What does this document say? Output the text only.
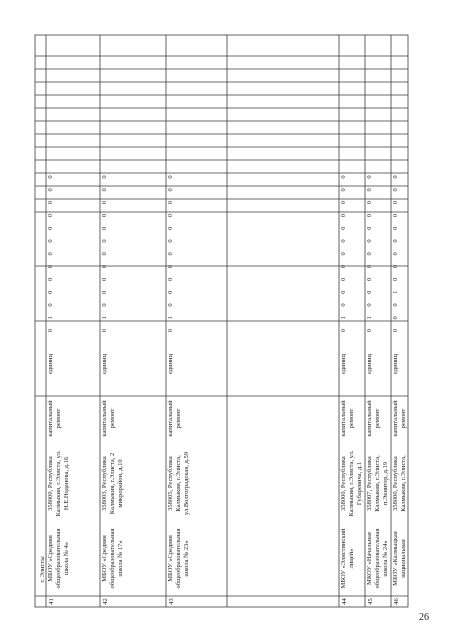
г. Элисты
41
МБОУ «Средняя общеобразовательная школа № 4»
358000, Республика Калмыкия, г.Элиста, ул. Н.Е.Ноданова, д.16
капитальный ремонт
единиц
0
1
0
0
0
0
0
0
0
0
0
0
0
42
МБОУ «Средняя общеобразовательная школа № 17»
358003, Республика Калмыкия, г.Элиста, 2 микрорайон, д.10
капитальный ремонт
единиц
0
1
0
0
0
0
0
0
0
0
0
0
0
43
МБОУ «Средняя общеобразовательная школа № 23»
358005, Республика Калмыкия, г.Элиста, ул.Волгоградская, д.59
капитальный ремонт
единиц
0
1
0
0
0
0
0
0
0
0
0
0
0
44
МБОУ «Элистинский лицей»
358000, Республика Калмыкия, г.Элиста, ул. Губаревича, д.1
капитальный ремонт
единиц
0
1
0
0
0
0
0
0
0
0
0
0
0
45
МКОУ «Начальная общеобразовательная школа № 24»
358007, Республика Калмыкия, г.Элиста, п.Экнитер, д.19
капитальный ремонт
единиц
0
1
0
0
0
0
0
0
0
0
0
0
0
46
МБОУ «Калмыцкая национальная
358000, Республика Калмыкия, г.Элиста,
капитальный ремонт
единиц
0
0
0
1
0
0
0
0
0
0
0
0
0
26
